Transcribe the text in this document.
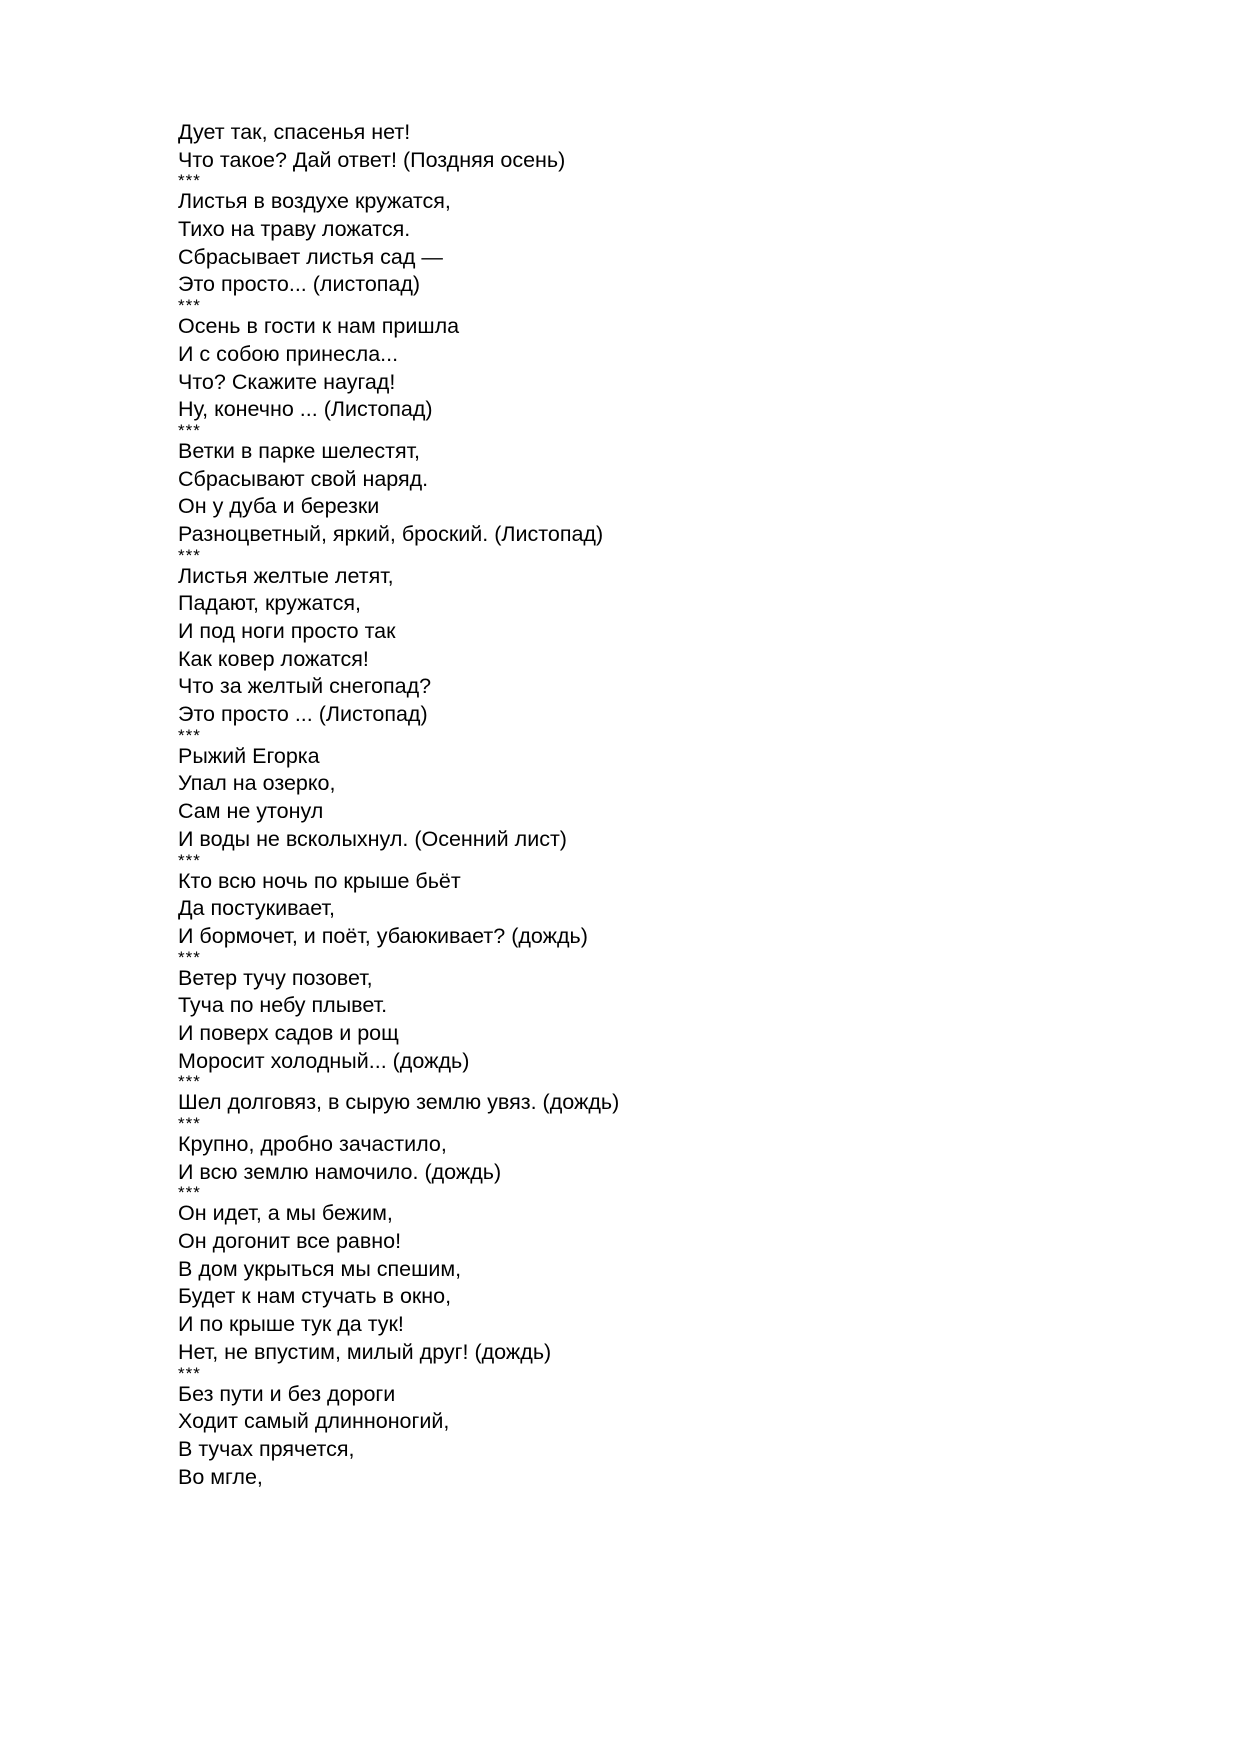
Дует так, спасенья нет!
Что такое? Дай ответ! (Поздняя осень)
***
Листья в воздухе кружатся,
Тихо на траву ложатся.
Сбрасывает листья сад —
Это просто... (листопад)
***
Осень в гости к нам пришла
И с собою принесла...
Что? Скажите наугад!
Ну, конечно ... (Листопад)
***
Ветки в парке шелестят,
Сбрасывают свой наряд.
Он у дуба и березки
Разноцветный, яркий, броский. (Листопад)
***
Листья желтые летят,
Падают, кружатся,
И под ноги просто так
Как ковер ложатся!
Что за желтый снегопад?
Это просто ... (Листопад)
***
Рыжий Егорка
Упал на озерко,
Сам не утонул
И воды не всколыхнул. (Осенний лист)
***
Кто всю ночь по крыше бьёт
Да постукивает,
И бормочет, и поёт, убаюкивает? (дождь)
***
Ветер тучу позовет,
Туча по небу плывет.
И поверх садов и рощ
Моросит холодный... (дождь)
***
Шел долговяз, в сырую землю увяз. (дождь)
***
Крупно, дробно зачастило,
И всю землю намочило. (дождь)
***
Он идет, а мы бежим,
Он догонит все равно!
В дом укрыться мы спешим,
Будет к нам стучать в окно,
И по крыше тук да тук!
Нет, не впустим, милый друг! (дождь)
***
Без пути и без дороги
Ходит самый длинноногий,
В тучах прячется,
Во мгле,
